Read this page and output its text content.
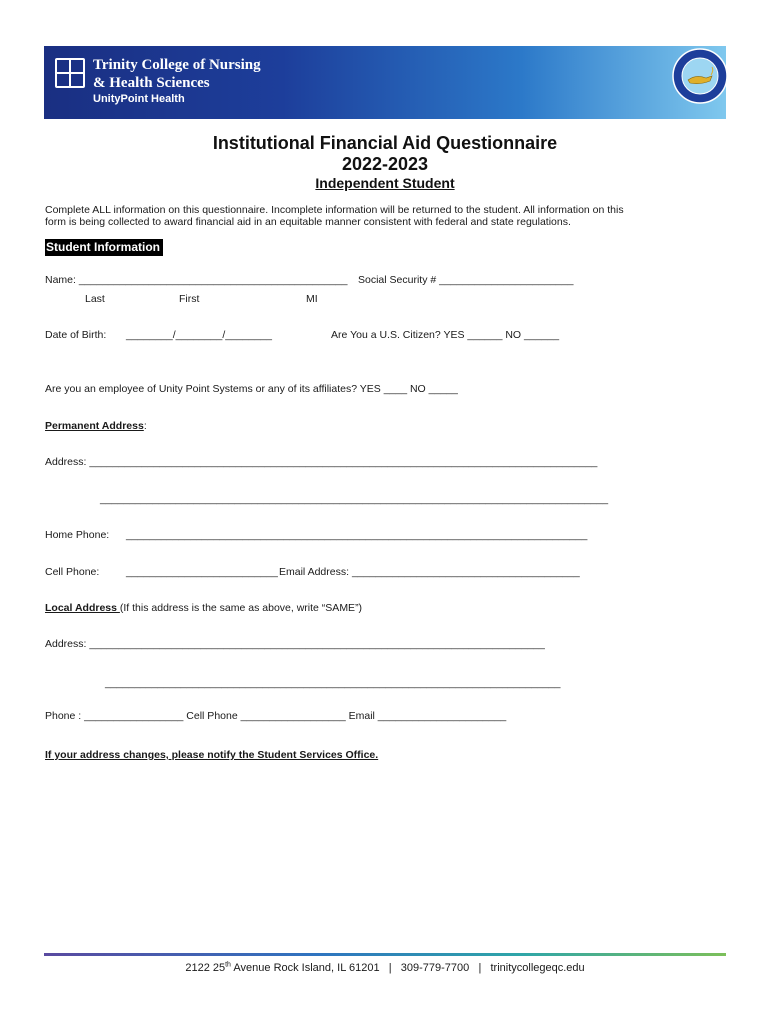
Trinity College of Nursing
& Health Sciences
UnityPoint Health
Institutional Financial Aid Questionnaire
2022-2023
Independent Student
Complete ALL information on this questionnaire. Incomplete information will be returned to the student. All information on this
form is being collected to award financial aid in an equitable manner consistent with federal and state regulations.
Student Information
Name: ______________________________________________ Social Security # _______________________
Last	First	MI
Date of Birth: ________/________/________	Are You a U.S. Citizen? YES ______ NO ______
Are you an employee of Unity Point Systems or any of its affiliates? YES ____ NO _____
Permanent Address:
Address: _______________________________________________________________________________________
_______________________________________________________________________________________
Home Phone: _______________________________________________________________________________
Cell Phone:	__________________________ Email Address: _______________________________________
Local Address (If this address is the same as above, write “SAME”)
Address: ______________________________________________________________________________
______________________________________________________________________________
Phone : _________________ Cell Phone __________________ Email ______________________
If your address changes, please notify the Student Services Office.
2122 25th Avenue Rock Island, IL 61201   |   309-779-7700   |   trinitycollegeqc.edu
